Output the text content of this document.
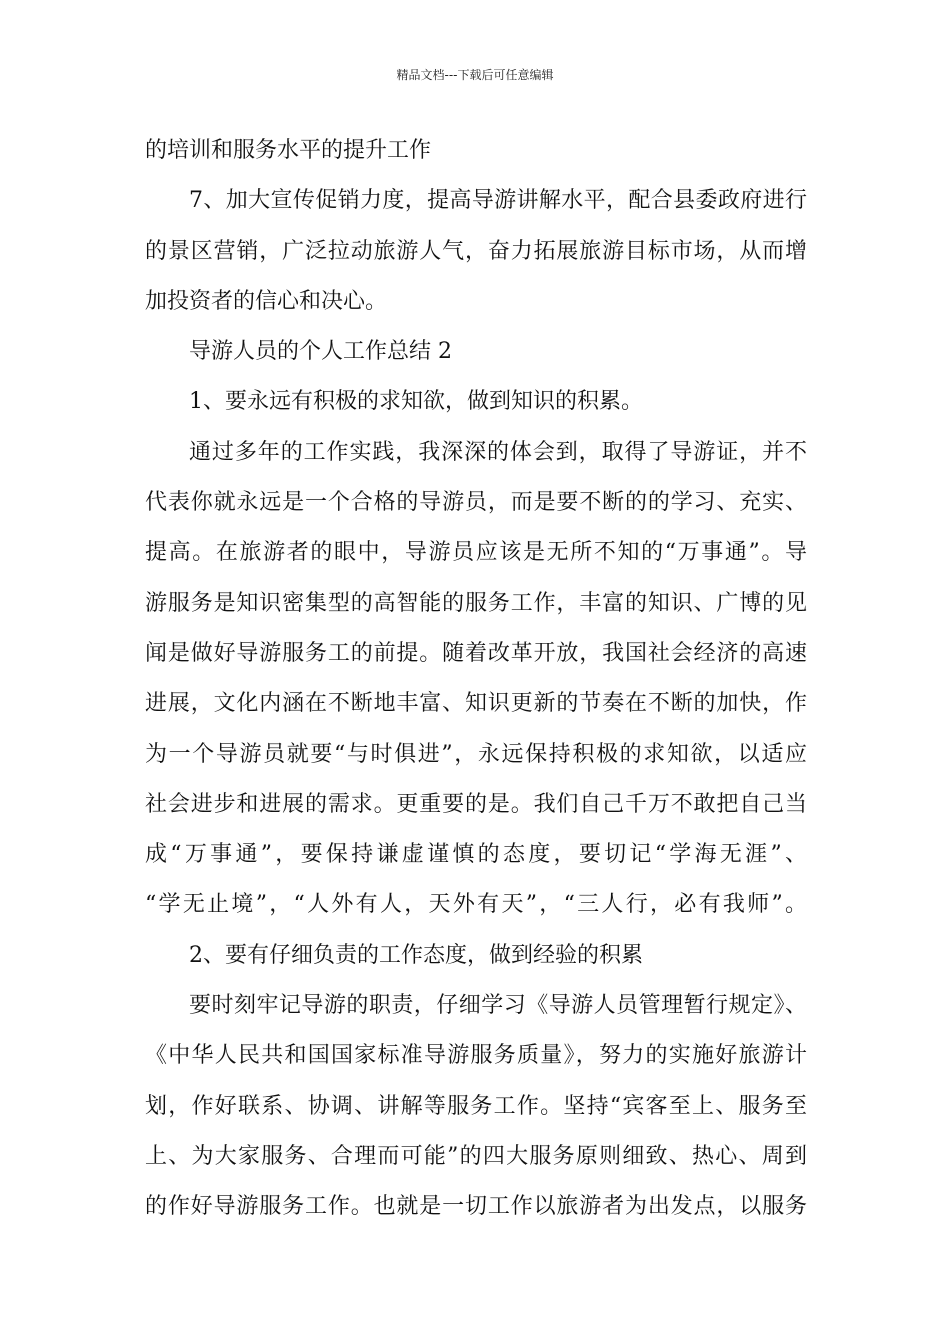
精品文档---下载后可任意编辑
的培训和服务水平的提升工作
7、加大宣传促销力度，提高导游讲解水平，配合县委政府进行
的景区营销，广泛拉动旅游人气，奋力拓展旅游目标市场，从而增
加投资者的信心和决心。
导游人员的个人工作总结 2
1、要永远有积极的求知欲，做到知识的积累。
通过多年的工作实践，我深深的体会到，取得了导游证，并不
代表你就永远是一个合格的导游员，而是要不断的的学习、充实、
提高。在旅游者的眼中，导游员应该是无所不知的“万事通”。导
游服务是知识密集型的高智能的服务工作，丰富的知识、广博的见
闻是做好导游服务工的前提。随着改革开放，我国社会经济的高速
进展，文化内涵在不断地丰富、知识更新的节奏在不断的加快，作
为一个导游员就要“与时俱进”，永远保持积极的求知欲，以适应
社会进步和进展的需求。更重要的是。我们自己千万不敢把自己当
成“万事通”，要保持谦虚谨慎的态度，要切记“学海无涯”、
“学无止境”，“人外有人，天外有天”，“三人行，必有我师”。
2、要有仔细负责的工作态度，做到经验的积累
要时刻牢记导游的职责，仔细学习《导游人员管理暂行规定》、
《中华人民共和国国家标准导游服务质量》，努力的实施好旅游计
划，作好联系、协调、讲解等服务工作。坚持“宾客至上、服务至
上、为大家服务、合理而可能”的四大服务原则细致、热心、周到
的作好导游服务工作。也就是一切工作以旅游者为出发点，以服务
